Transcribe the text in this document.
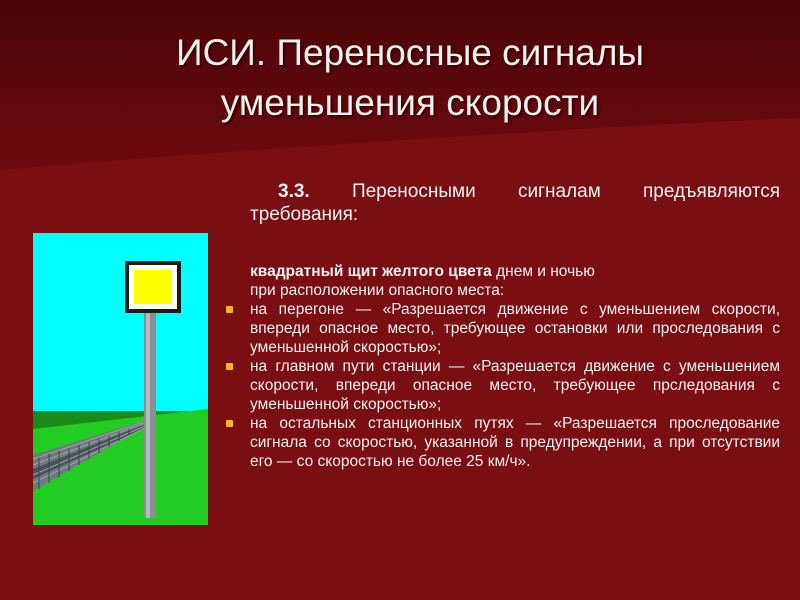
ИСИ. Переносные сигналы
уменьшения скорости
3.3. Переносными сигналам предъявляются требования:
квадратный щит желтого цвета днем и ночью
при расположении опасного места:
на перегоне — «Разрешается движение с уменьшением скорости, впереди опасное место, требующее остановки или проследования с уменьшенной скоростью»;
на главном пути станции — «Разрешается движение с уменьшением скорости, впереди опасное место, требующее прследования с уменьшенной скоростью»;
на остальных станционных путях — «Разрешается проследование сигнала со скоростью, указанной в предупреждении, а при отсутствии его — со скоростью не более 25 км/ч».
